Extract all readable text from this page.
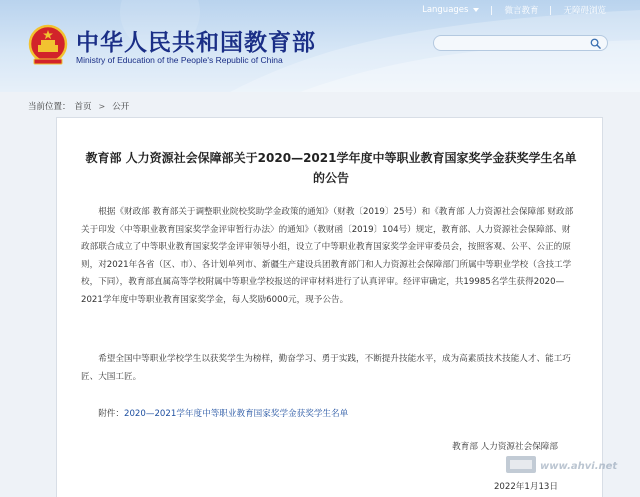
中华人民共和国教育部
Ministry of Education of the People's Republic of China
Languages	微言教育	无障碍浏览
当前位置： 首页 > 公开
教育部 人力资源社会保障部关于2020—2021学年度中等职业教育国家奖学金获奖学生名单的公告

根据《财政部 教育部关于调整职业院校奖助学金政策的通知》（财教〔2019〕25号）和《教育部 人力资源社会保障部 财政部关于印发〈中等职业教育国家奖学金评审暂行办法〉的通知》（教财函〔2019〕104号）规定，教育部、人力资源社会保障部、财政部联合成立了中等职业教育国家奖学金评审领导小组，设立了中等职业教育国家奖学金评审委员会，按照客观、公平、公正的原则，对2021年各省（区、市）、各计划单列市、新疆生产建设兵团教育部门和人力资源社会保障部门所属中等职业学校（含技工学校，下同），教育部直属高等学校附属中等职业学校报送的评审材料进行了认真评审。经评审确定，共19985名学生获得2020—2021学年度中等职业教育国家奖学金，每人奖励6000元，现予公告。

希望全国中等职业学校学生以获奖学生为榜样，勤奋学习、勇于实践，不断提升技能水平，成为高素质技术技能人才、能工巧匠、大国工匠。

附件：2020—2021学年度中等职业教育国家奖学金获奖学生名单

教育部 人力资源社会保障部
2022年1月13日
www.ahvi.net
